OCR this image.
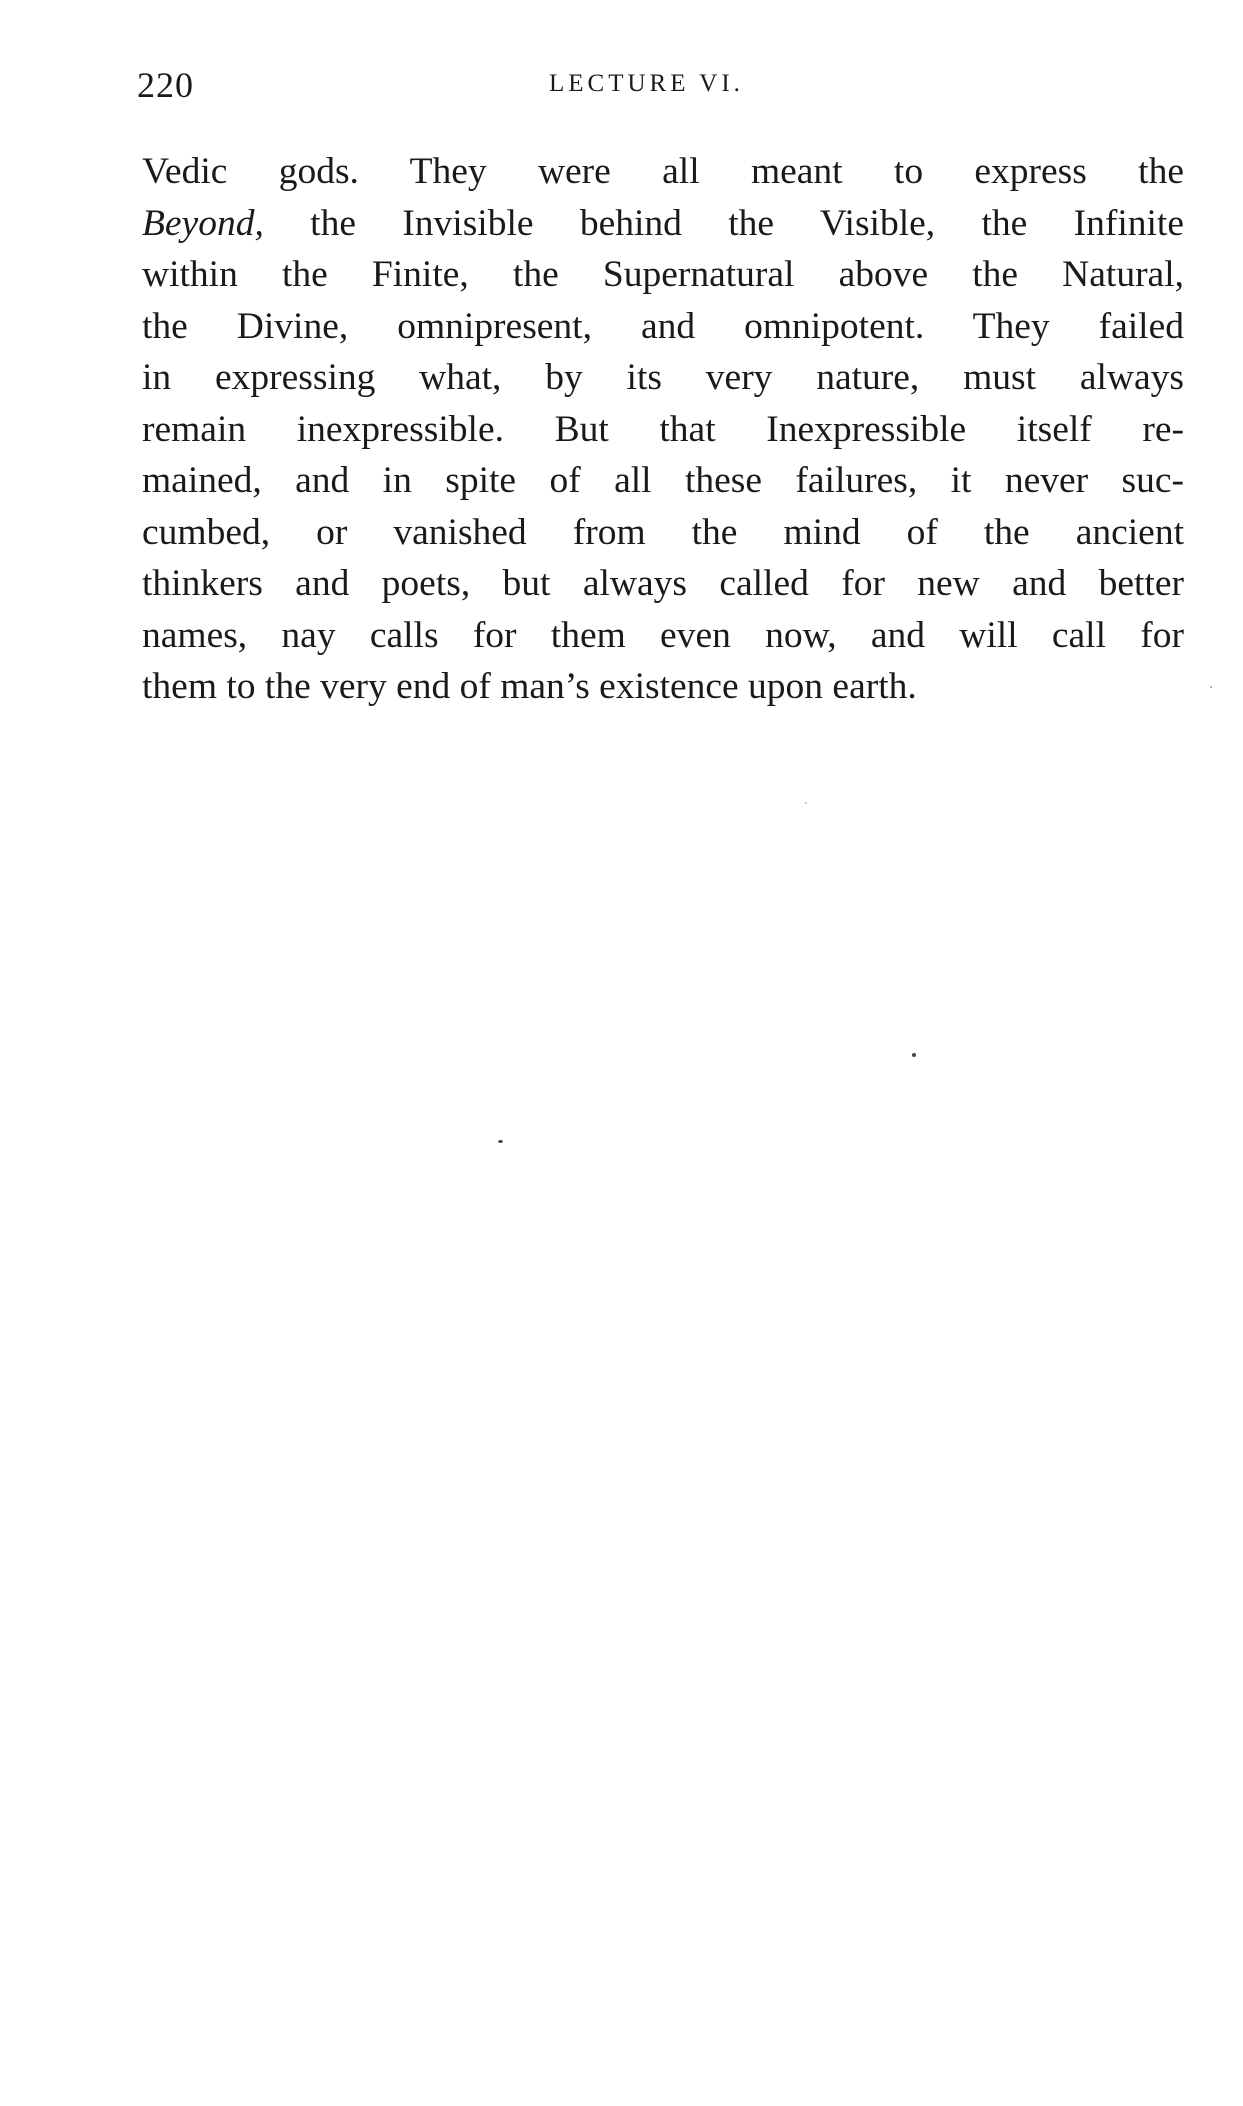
220	LECTURE VI.
Vedic gods. They were all meant to express the
Beyond, the Invisible behind the Visible, the Infinite
within the Finite, the Supernatural above the Natural,
the Divine, omnipresent, and omnipotent. They failed
in expressing what, by its very nature, must always
remain inexpressible. But that Inexpressible itself re-
mained, and in spite of all these failures, it never suc-
cumbed, or vanished from the mind of the ancient
thinkers and poets, but always called for new and better
names, nay calls for them even now, and will call for
them to the very end of man’s existence upon earth.
